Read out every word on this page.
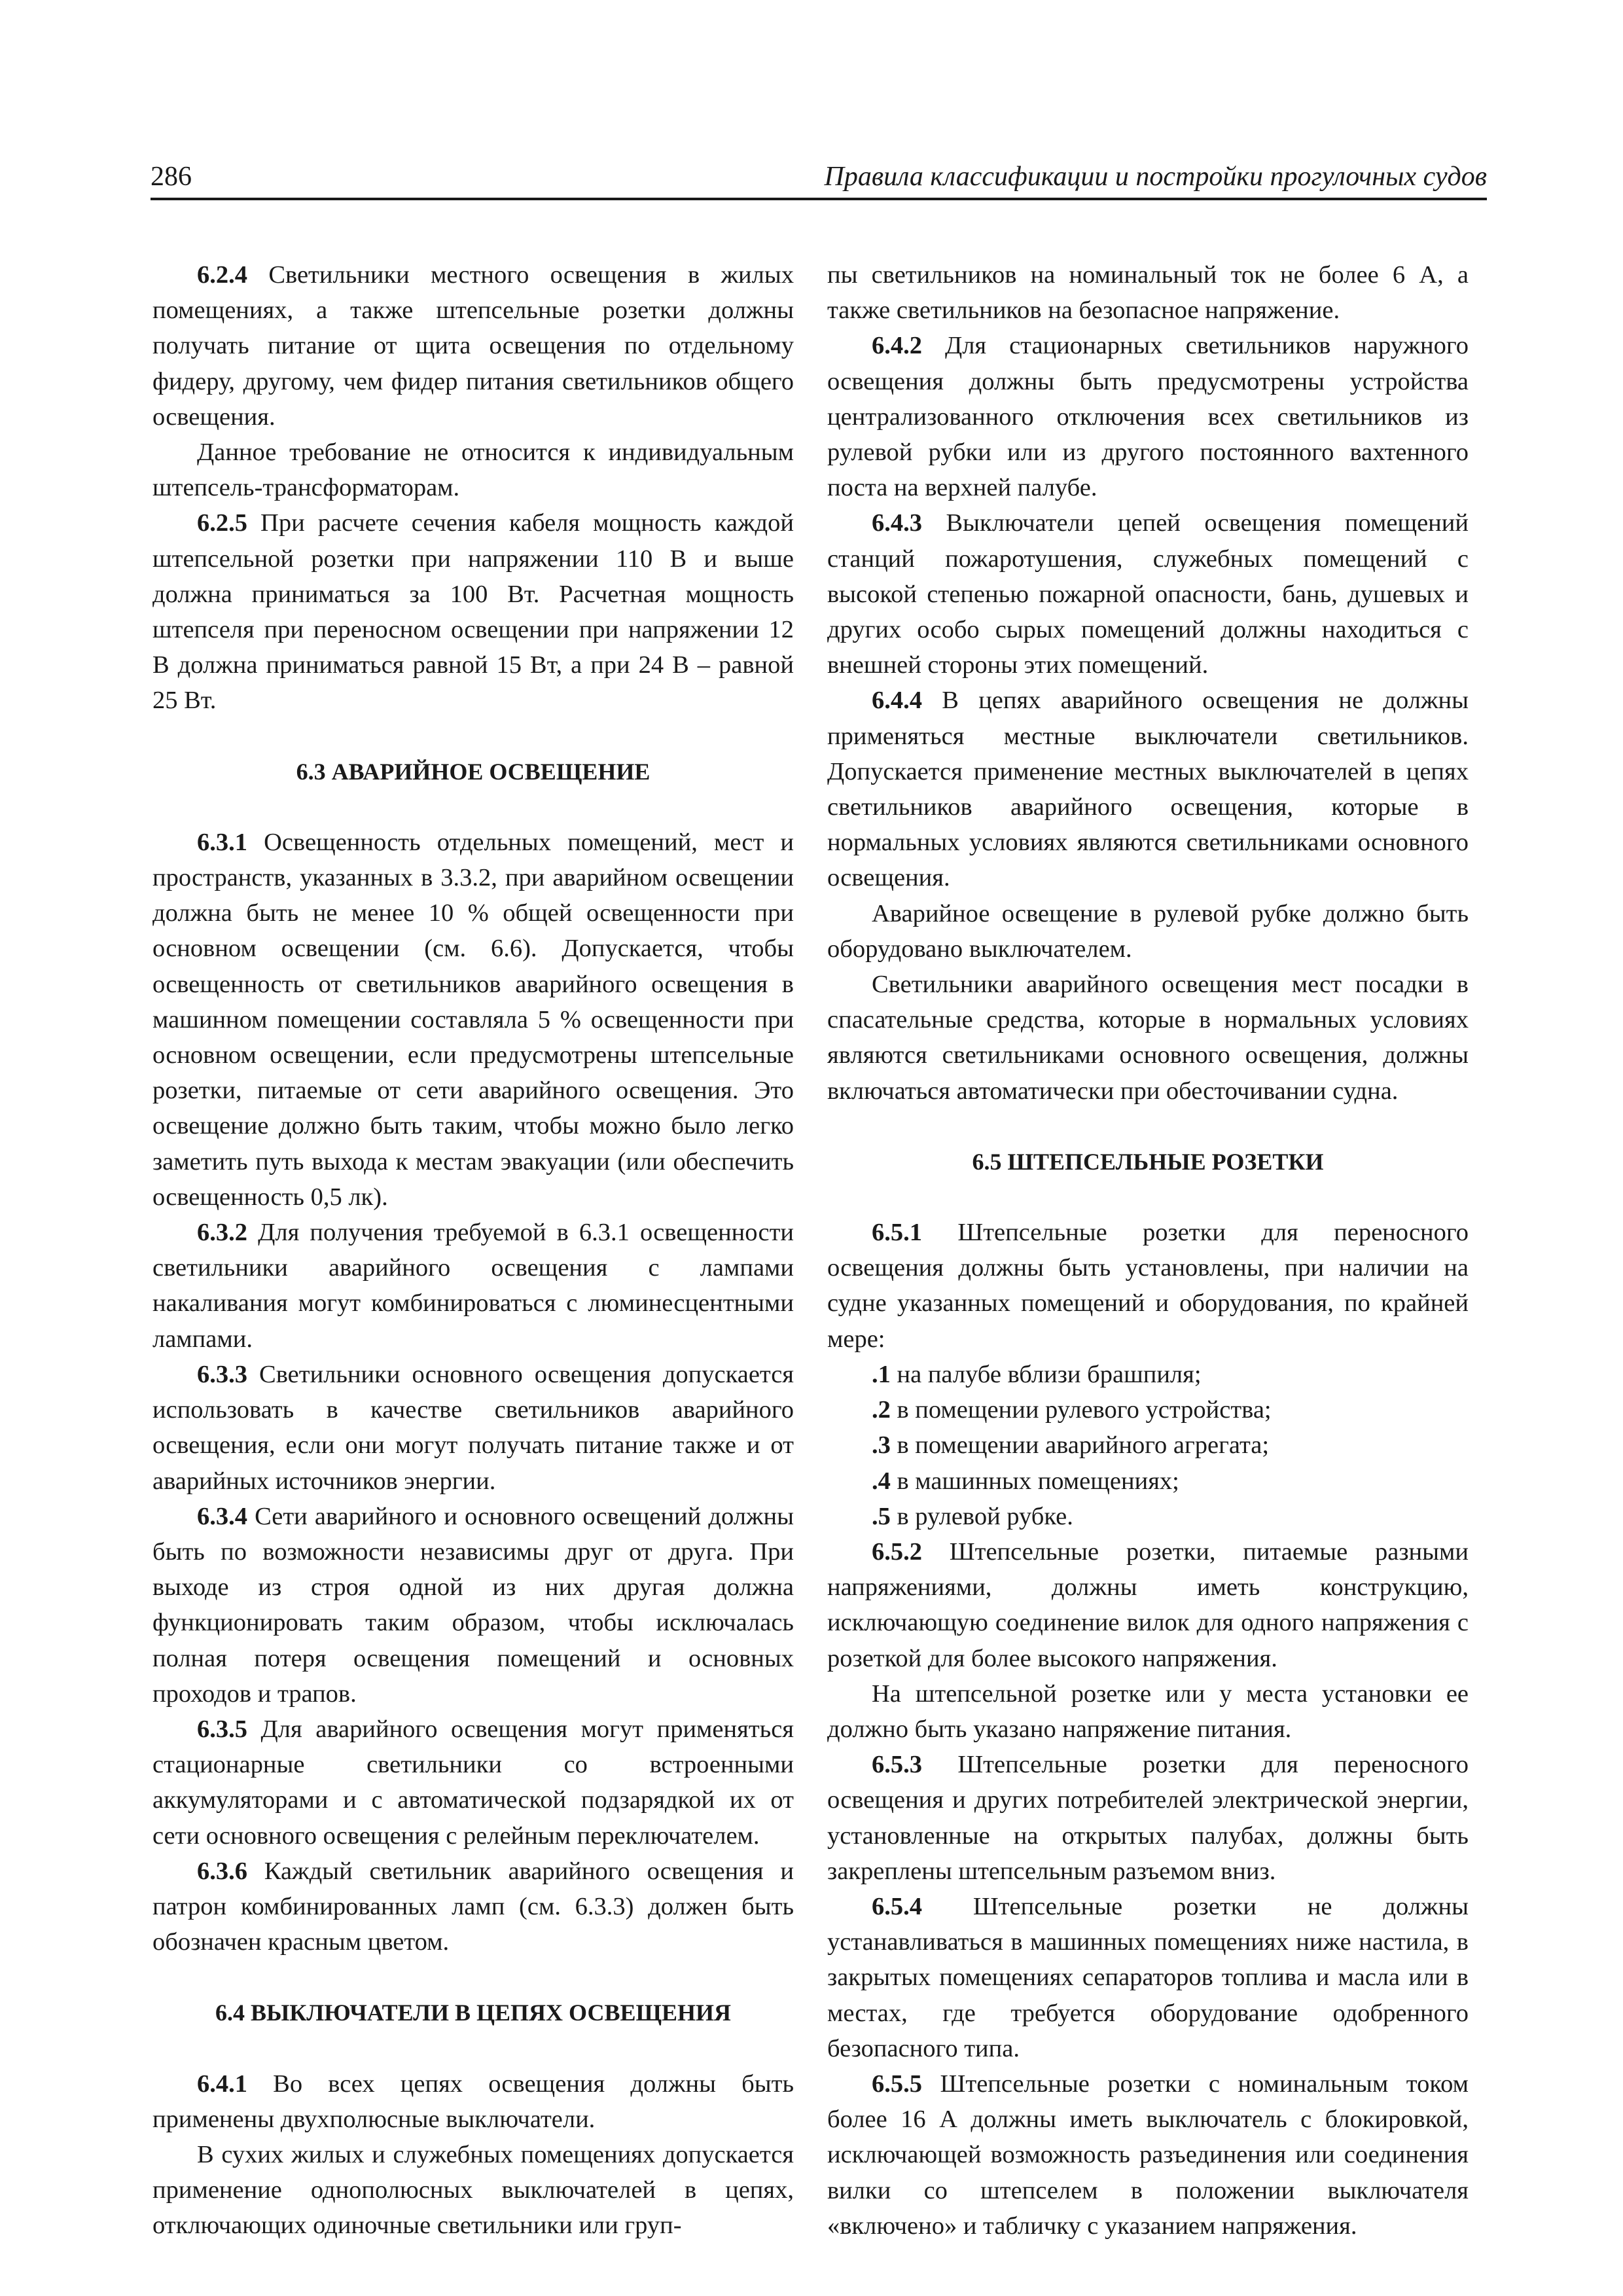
286	Правила классификации и постройки прогулочных судов

6.2.4 Светильники местного освещения в жилых помещениях, а также штепсельные розетки должны получать питание от щита освещения по отдельному фидеру, другому, чем фидер питания светильников общего освещения.

Данное требование не относится к индивидуальным штепсель-трансформаторам.

6.2.5 При расчете сечения кабеля мощность каждой штепсельной розетки при напряжении 110 В и выше должна приниматься за 100 Вт. Расчетная мощность штепселя при переносном освещении при напряжении 12 В должна приниматься равной 15 Вт, а при 24 В – равной 25 Вт.

6.3 АВАРИЙНОЕ ОСВЕЩЕНИЕ

6.3.1 Освещенность отдельных помещений, мест и пространств, указанных в 3.3.2, при аварийном освещении должна быть не менее 10 % общей освещенности при основном освещении (см. 6.6). Допускается, чтобы освещенность от светильников аварийного освещения в машинном помещении составляла 5 % освещенности при основном освещении, если предусмотрены штепсельные розетки, питаемые от сети аварийного освещения. Это освещение должно быть таким, чтобы можно было легко заметить путь выхода к местам эвакуации (или обеспечить освещенность 0,5 лк).

6.3.2 Для получения требуемой в 6.3.1 освещенности светильники аварийного освещения с лампами накаливания могут комбинироваться с люминесцентными лампами.

6.3.3 Светильники основного освещения допускается использовать в качестве светильников аварийного освещения, если они могут получать питание также и от аварийных источников энергии.

6.3.4 Сети аварийного и основного освещений должны быть по возможности независимы друг от друга. При выходе из строя одной из них другая должна функционировать таким образом, чтобы исключалась полная потеря освещения помещений и основных проходов и трапов.

6.3.5 Для аварийного освещения могут применяться стационарные светильники со встроенными аккумуляторами и с автоматической подзарядкой их от сети основного освещения с релейным переключателем.

6.3.6 Каждый светильник аварийного освещения и патрон комбинированных ламп (см. 6.3.3) должен быть обозначен красным цветом.

6.4 ВЫКЛЮЧАТЕЛИ В ЦЕПЯХ ОСВЕЩЕНИЯ

6.4.1 Во всех цепях освещения должны быть применены двухполюсные выключатели.

В сухих жилых и служебных помещениях допускается применение однополюсных выключателей в цепях, отключающих одиночные светильники или груп-

пы светильников на номинальный ток не более 6 А, а также светильников на безопасное напряжение.

6.4.2 Для стационарных светильников наружного освещения должны быть предусмотрены устройства централизованного отключения всех светильников из рулевой рубки или из другого постоянного вахтенного поста на верхней палубе.

6.4.3 Выключатели цепей освещения помещений станций пожаротушения, служебных помещений с высокой степенью пожарной опасности, бань, душевых и других особо сырых помещений должны находиться с внешней стороны этих помещений.

6.4.4 В цепях аварийного освещения не должны применяться местные выключатели светильников. Допускается применение местных выключателей в цепях светильников аварийного освещения, которые в нормальных условиях являются светильниками основного освещения.

Аварийное освещение в рулевой рубке должно быть оборудовано выключателем.

Светильники аварийного освещения мест посадки в спасательные средства, которые в нормальных условиях являются светильниками основного освещения, должны включаться автоматически при обесточивании судна.

6.5 ШТЕПСЕЛЬНЫЕ РОЗЕТКИ

6.5.1 Штепсельные розетки для переносного освещения должны быть установлены, при наличии на судне указанных помещений и оборудования, по крайней мере:

.1 на палубе вблизи брашпиля;

.2 в помещении рулевого устройства;

.3 в помещении аварийного агрегата;

.4 в машинных помещениях;

.5 в рулевой рубке.

6.5.2 Штепсельные розетки, питаемые разными напряжениями, должны иметь конструкцию, исключающую соединение вилок для одного напряжения с розеткой для более высокого напряжения.

На штепсельной розетке или у места установки ее должно быть указано напряжение питания.

6.5.3 Штепсельные розетки для переносного освещения и других потребителей электрической энергии, установленные на открытых палубах, должны быть закреплены штепсельным разъемом вниз.

6.5.4 Штепсельные розетки не должны устанавливаться в машинных помещениях ниже настила, в закрытых помещениях сепараторов топлива и масла или в местах, где требуется оборудование одобренного безопасного типа.

6.5.5 Штепсельные розетки с номинальным током более 16 А должны иметь выключатель с блокировкой, исключающей возможность разъединения или соединения вилки со штепселем в положении выключателя «включено» и табличку с указанием напряжения.
